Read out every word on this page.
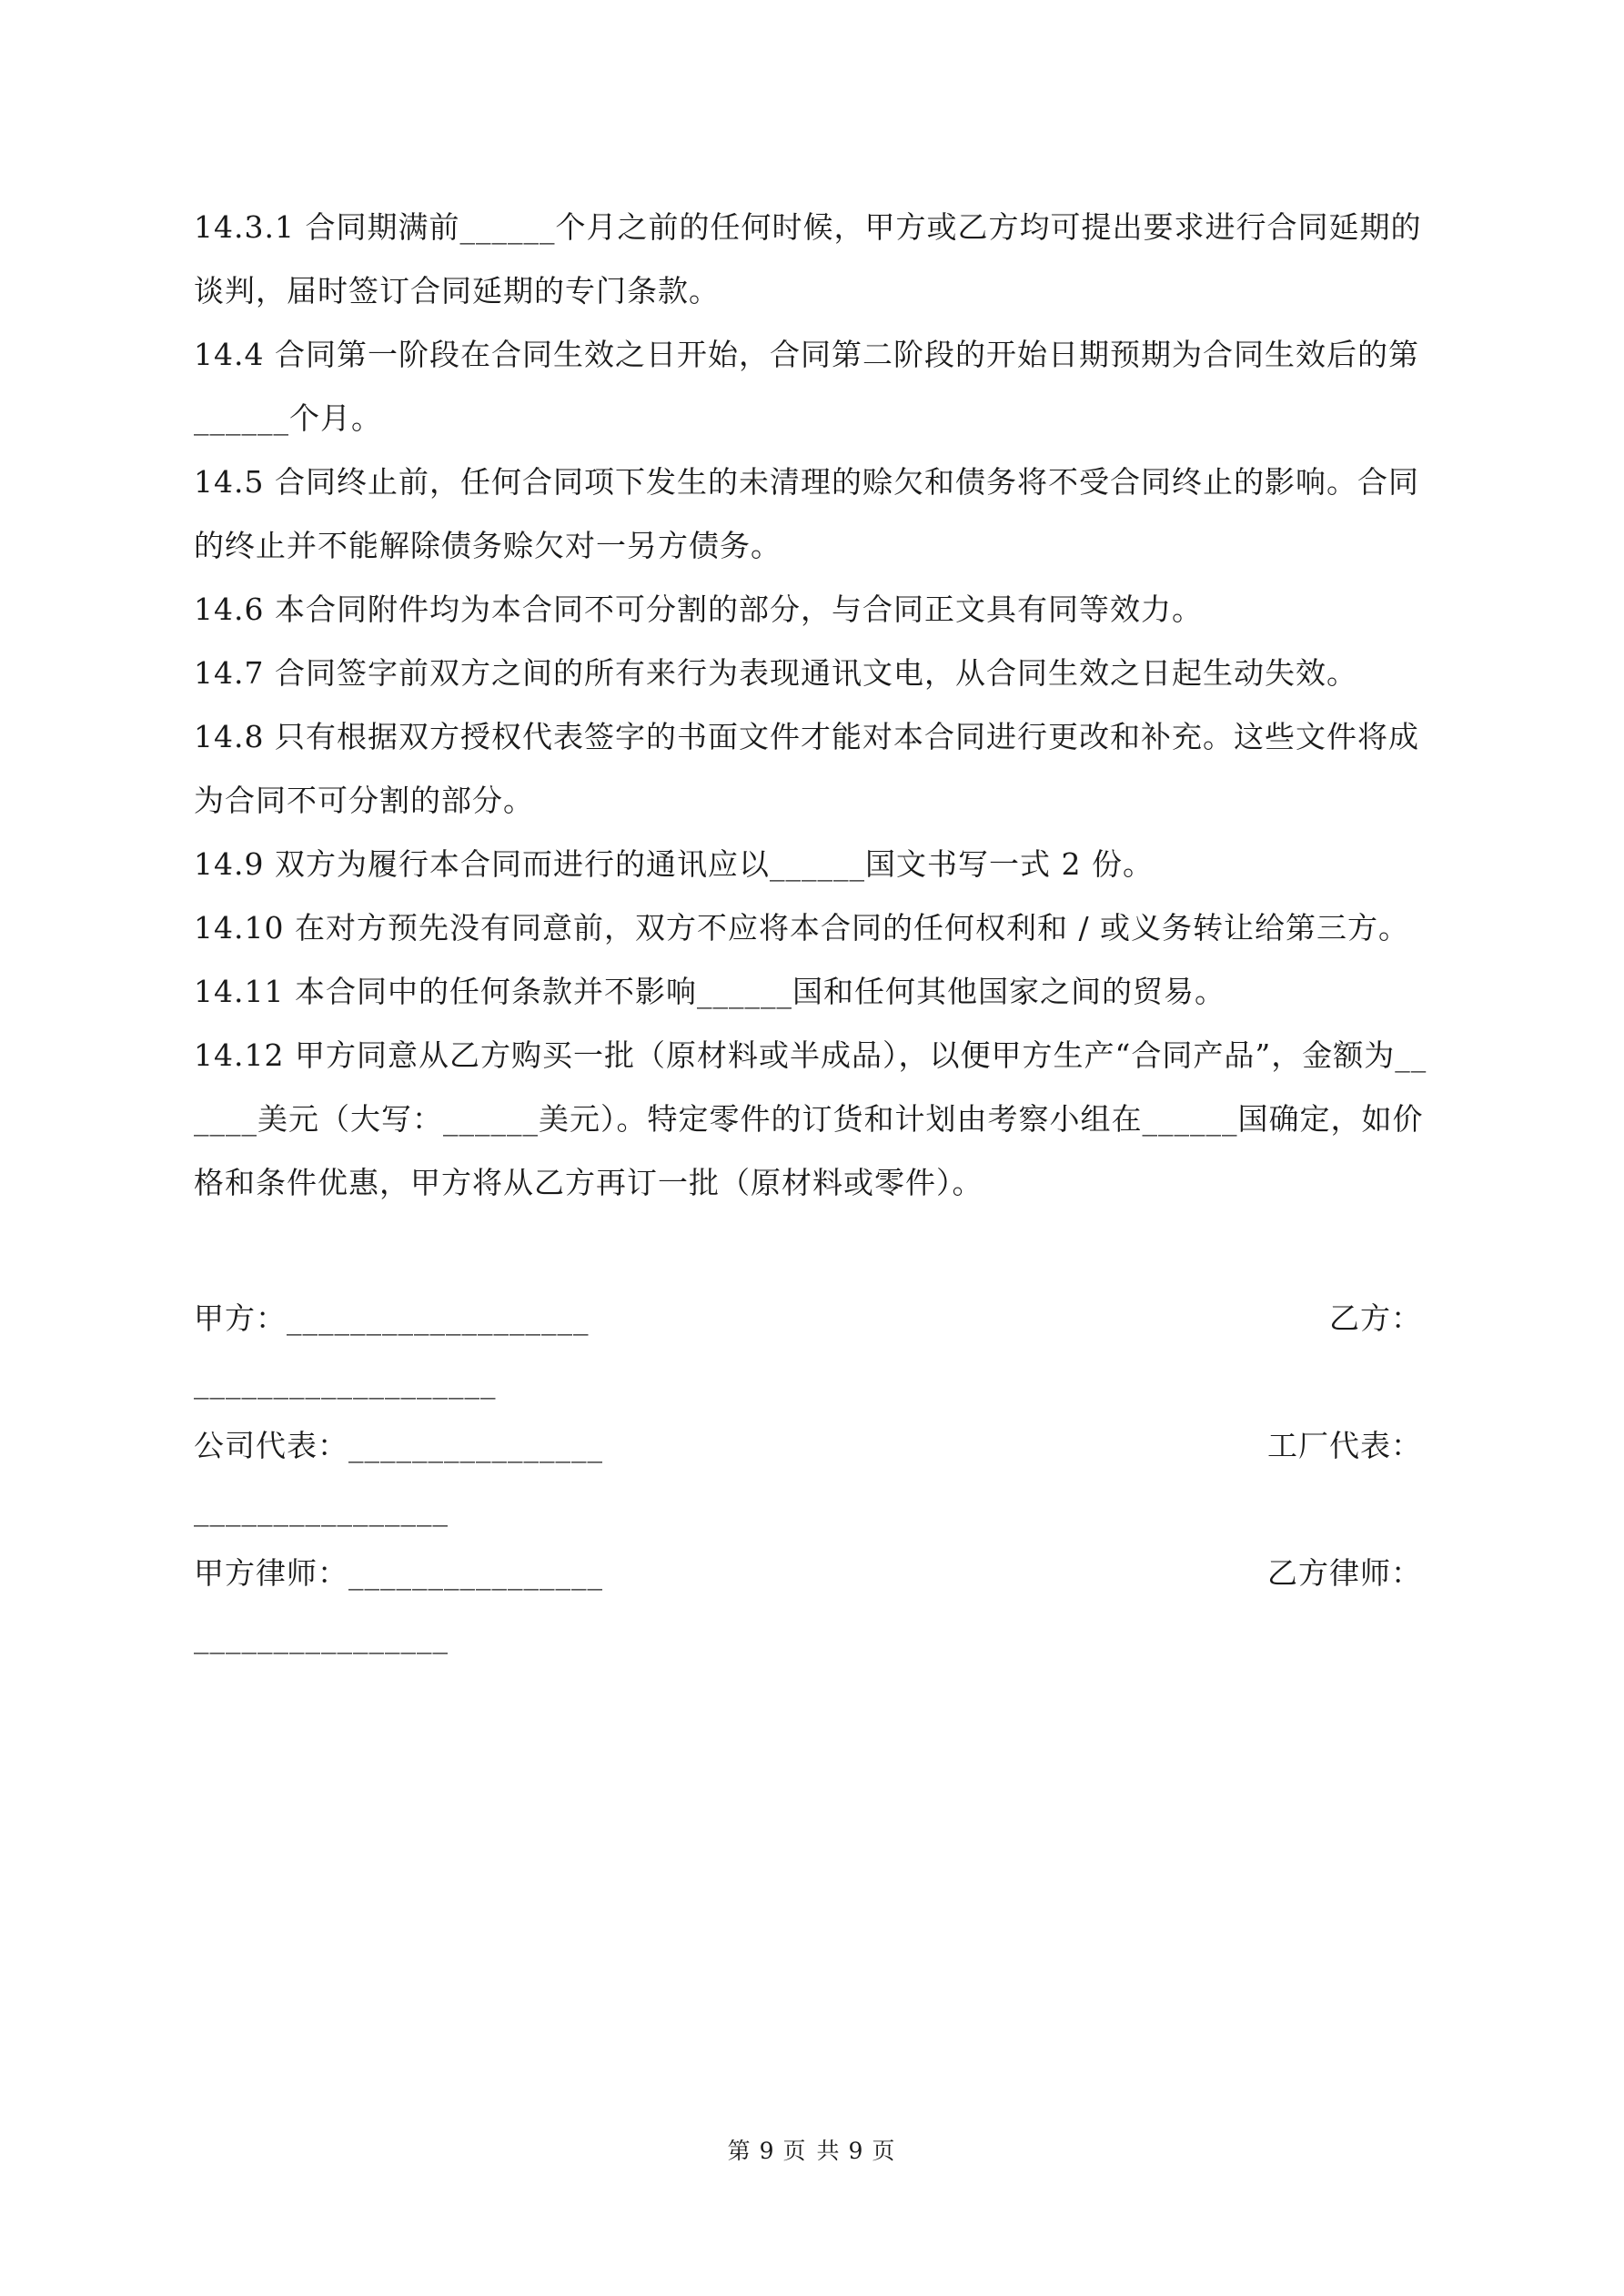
14.3.1 合同期满前______个月之前的任何时候，甲方或乙方均可提出要求进行合同延期的谈判，届时签订合同延期的专门条款。

14.4 合同第一阶段在合同生效之日开始，合同第二阶段的开始日期预期为合同生效后的第______个月。

14.5 合同终止前，任何合同项下发生的未清理的赊欠和债务将不受合同终止的影响。合同的终止并不能解除债务赊欠对一另方债务。

14.6 本合同附件均为本合同不可分割的部分，与合同正文具有同等效力。

14.7 合同签字前双方之间的所有来行为表现通讯文电，从合同生效之日起生动失效。

14.8 只有根据双方授权代表签字的书面文件才能对本合同进行更改和补充。这些文件将成为合同不可分割的部分。

14.9 双方为履行本合同而进行的通讯应以______国文书写一式 2 份。

14.10 在对方预先没有同意前，双方不应将本合同的任何权利和 / 或义务转让给第三方。

14.11 本合同中的任何条款并不影响______国和任何其他国家之间的贸易。

14.12 甲方同意从乙方购买一批（原材料或半成品），以便甲方生产“合同产品”，金额为______美元（大写：______美元）。特定零件的订货和计划由考察小组在______国确定，如价格和条件优惠，甲方将从乙方再订一批（原材料或零件）。

甲方：___________________	乙方：
___________________
公司代表：________________	工厂代表：
________________
甲方律师：________________	乙方律师：
________________
第 9 页 共 9 页
